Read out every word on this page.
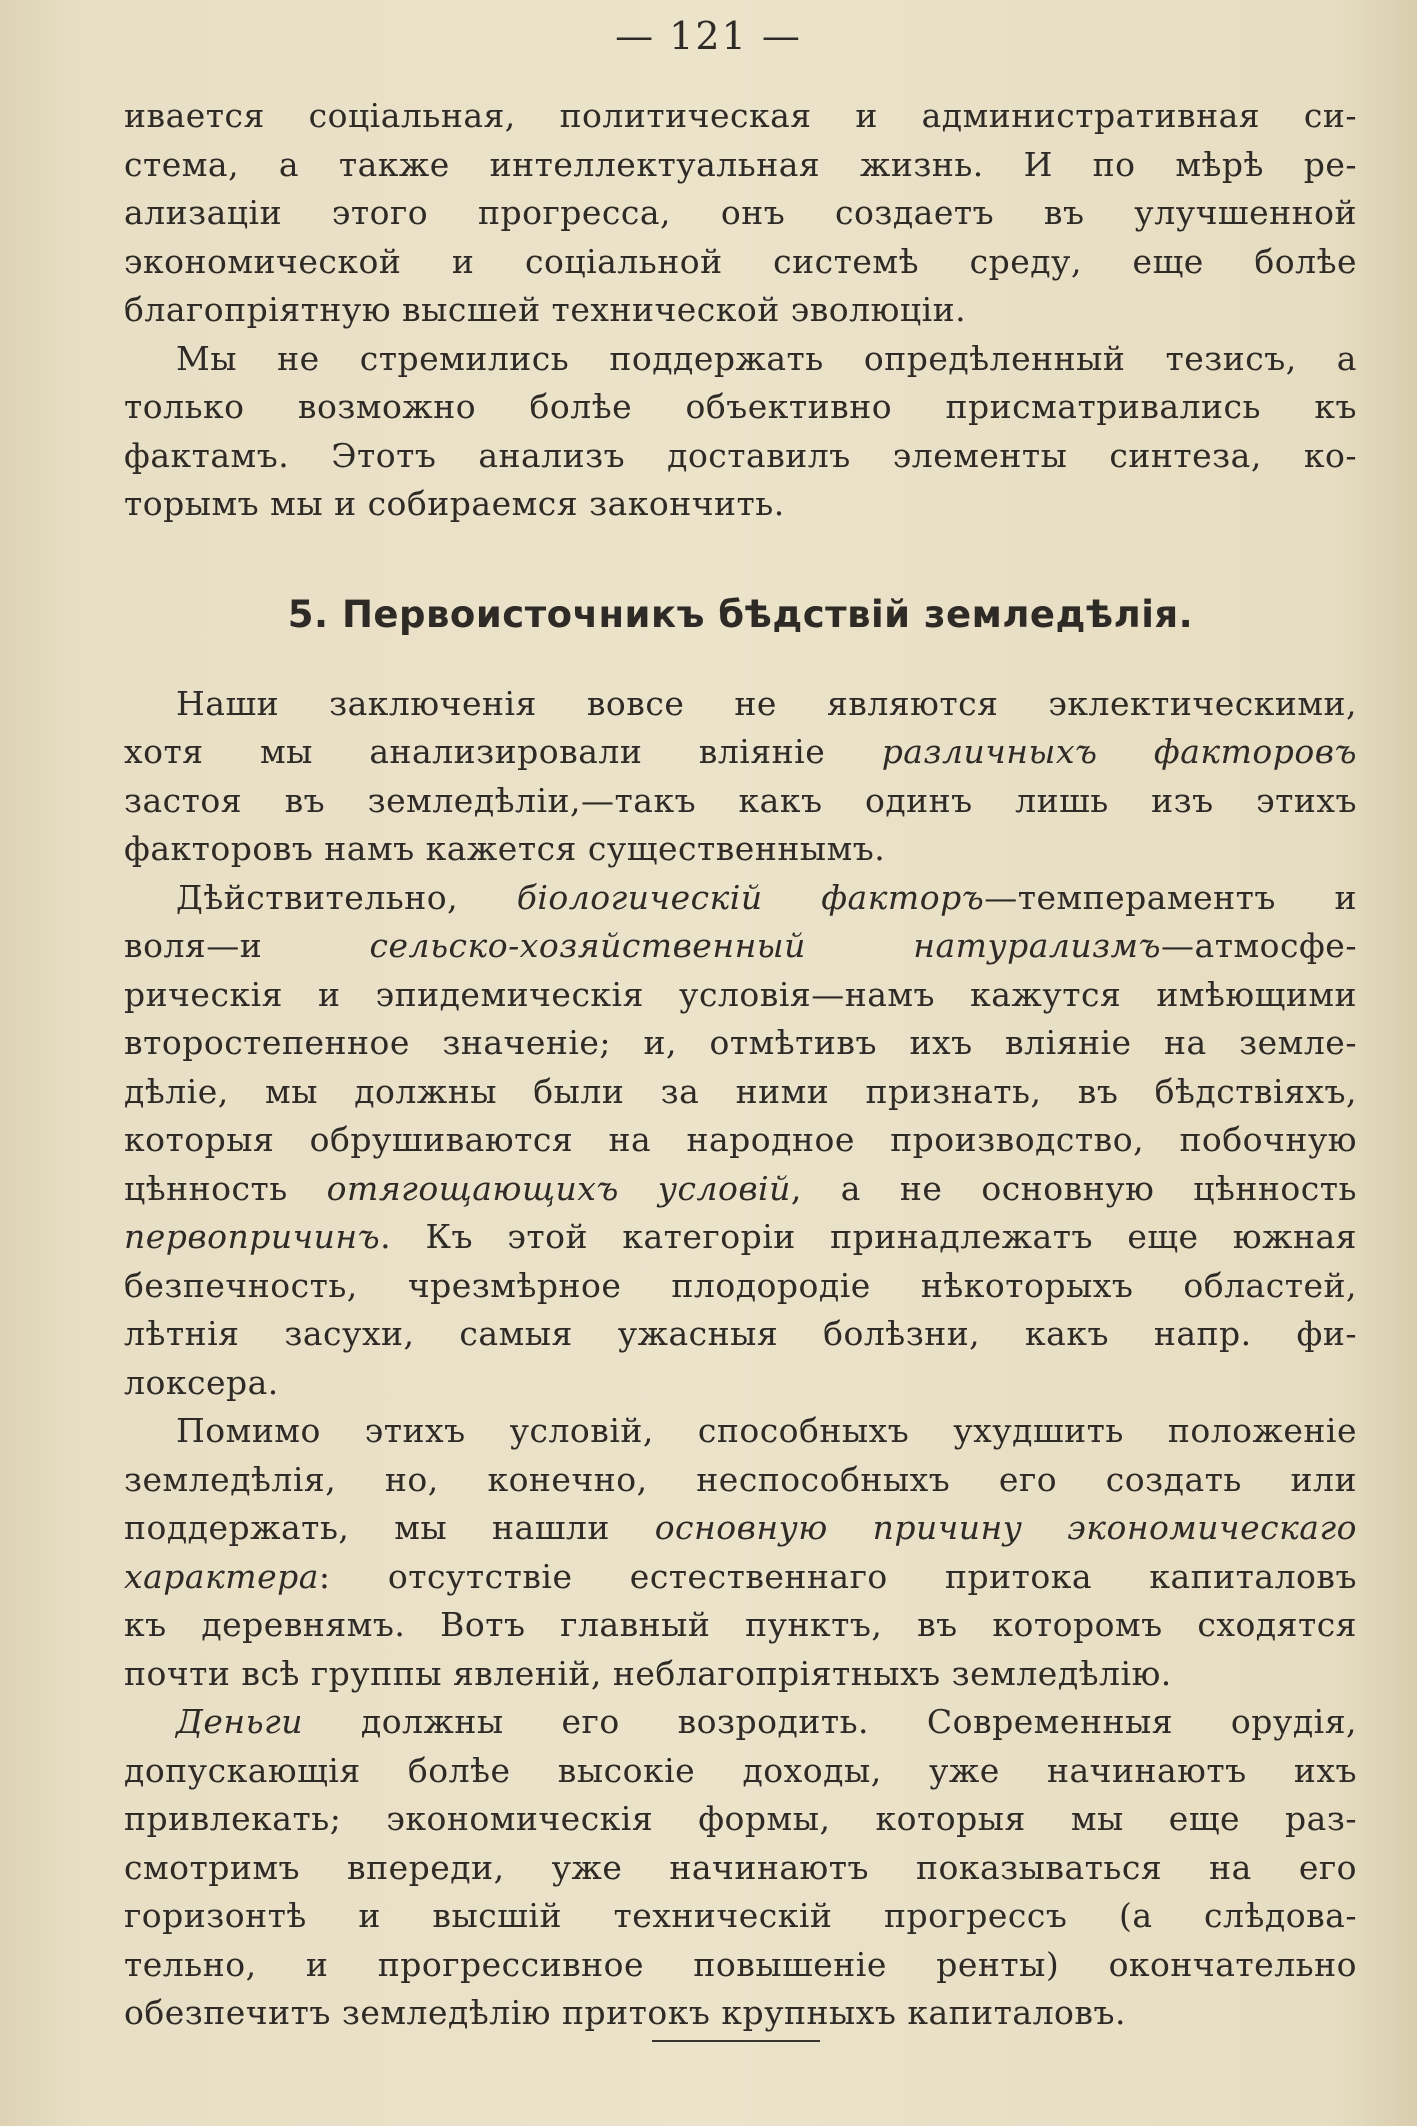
— 121 —

ивается соціальная, политическая и административная си-
стема, а также интеллектуальная жизнь. И по мѣрѣ ре-
ализаціи этого прогресса, онъ создаетъ въ улучшенной
экономической и соціальной системѣ среду, еще болѣе
благопріятную высшей технической эволюціи.

Мы не стремились поддержать опредѣленный тезисъ, а
только возможно болѣе объективно присматривались къ
фактамъ. Этотъ анализъ доставилъ элементы синтеза, ко-
торымъ мы и собираемся закончить.

5. Первоисточникъ бѣдствій земледѣлія.

Наши заключенія вовсе не являются эклектическими,
хотя мы анализировали вліяніе различныхъ факторовъ
застоя въ земледѣліи,—такъ какъ одинъ лишь изъ этихъ
факторовъ намъ кажется существеннымъ.

Дѣйствительно, біологическій факторъ—темпераментъ и
воля—и сельско-хозяйственный натурализмъ—атмосфе-
рическія и эпидемическія условія—намъ кажутся имѣющими
второстепенное значеніе; и, отмѣтивъ ихъ вліяніе на земле-
дѣліе, мы должны были за ними признать, въ бѣдствіяхъ,
которыя обрушиваются на народное производство, побочную
цѣнность отягощающихъ условій, а не основную цѣнность
первопричинъ. Къ этой категоріи принадлежатъ еще южная
безпечность, чрезмѣрное плодородіе нѣкоторыхъ областей,
лѣтнія засухи, самыя ужасныя болѣзни, какъ напр. фи-
локсера.

Помимо этихъ условій, способныхъ ухудшить положеніе
земледѣлія, но, конечно, неспособныхъ его создать или
поддержать, мы нашли основную причину экономическаго
характера: отсутствіе естественнаго притока капиталовъ
къ деревнямъ. Вотъ главный пунктъ, въ которомъ сходятся
почти всѣ группы явленій, неблагопріятныхъ земледѣлію.

Деньги должны его возродить. Современныя орудія,
допускающія болѣе высокіе доходы, уже начинаютъ ихъ
привлекать; экономическія формы, которыя мы еще раз-
смотримъ впереди, уже начинаютъ показываться на его
горизонтѣ и высшій техническій прогрессъ (а слѣдова-
тельно, и прогрессивное повышеніе ренты) окончательно
обезпечитъ земледѣлію притокъ крупныхъ капиталовъ.
